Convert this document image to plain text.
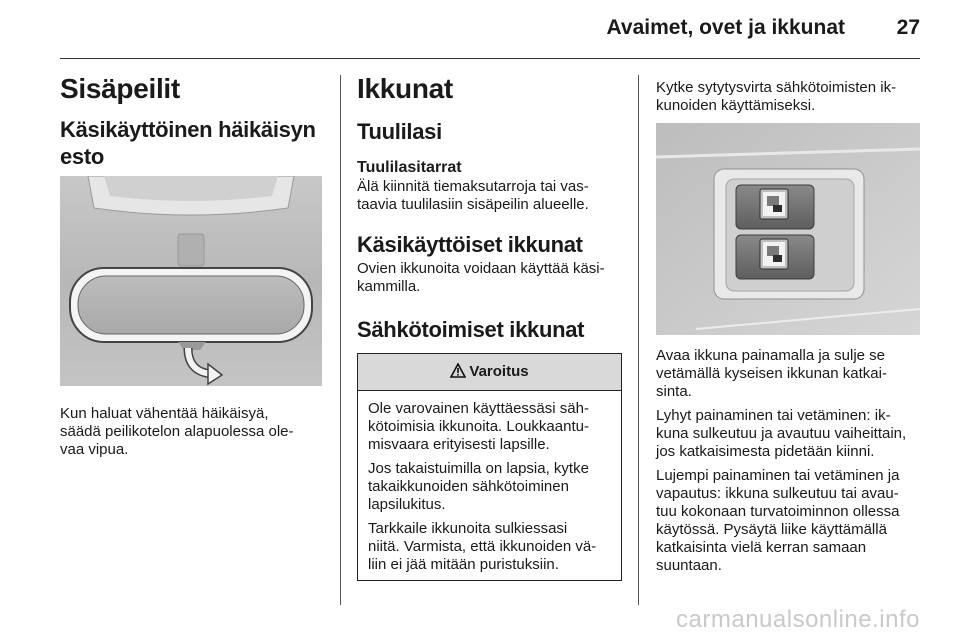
Avaimet, ovet ja ikkunat 27
Sisäpeilit
Käsikäyttöinen häikäisyn
esto
Kun haluat vähentää häikäisyä,
säädä peilikotelon alapuolessa ole-
vaa vipua.
Ikkunat
Tuulilasi
Tuulilasitarrat
Älä kiinnitä tiemaksutarroja tai vas-
taavia tuulilasiin sisäpeilin alueelle.
Käsikäyttöiset ikkunat
Ovien ikkunoita voidaan käyttää käsi-
kammilla.
Sähkötoimiset ikkunat
Varoitus
Ole varovainen käyttäessäsi säh-
kötoimisia ikkunoita. Loukkaantu-
misvaara erityisesti lapsille.
Jos takaistuimilla on lapsia, kytke
takaikkunoiden sähkötoiminen
lapsilukitus.
Tarkkaile ikkunoita sulkiessasi
niitä. Varmista, että ikkunoiden vä-
liin ei jää mitään puristuksiin.
Kytke sytytysvirta sähkötoimisten ik-
kunoiden käyttämiseksi.
Avaa ikkuna painamalla ja sulje se
vetämällä kyseisen ikkunan katkai-
sinta.
Lyhyt painaminen tai vetäminen: ik-
kuna sulkeutuu ja avautuu vaiheittain,
jos katkaisimesta pidetään kiinni.
Lujempi painaminen tai vetäminen ja
vapautus: ikkuna sulkeutuu tai avau-
tuu kokonaan turvatoiminnon ollessa
käytössä. Pysäytä liike käyttämällä
katkaisinta vielä kerran samaan
suuntaan.
carmanualsonline.info
